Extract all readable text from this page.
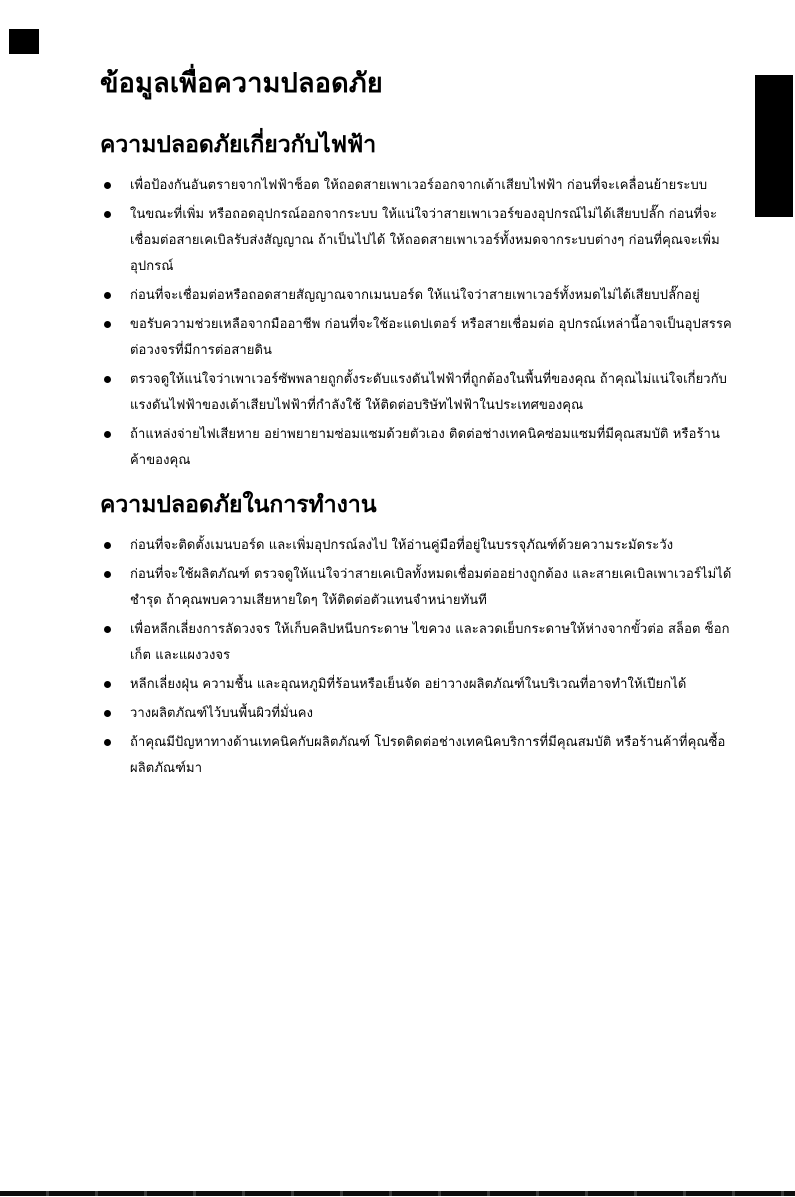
ข้อมูลเพื่อความปลอดภัย
ความปลอดภัยเกี่ยวกับไฟฟ้า
เพื่อป้องกันอันตรายจากไฟฟ้าช็อต ให้ถอดสายเพาเวอร์ออกจากเต้าเสียบไฟฟ้า ก่อนที่จะเคลื่อนย้ายระบบ
ในขณะที่เพิ่ม หรือถอดอุปกรณ์ออกจากระบบ ให้แน่ใจว่าสายเพาเวอร์ของอุปกรณ์ไม่ได้เสียบปลั๊ก ก่อนที่จะเชื่อมต่อสายเคเบิลรับส่งสัญญาณ ถ้าเป็นไปได้ ให้ถอดสายเพาเวอร์ทั้งหมดจากระบบต่างๆ ก่อนที่คุณจะเพิ่มอุปกรณ์
ก่อนที่จะเชื่อมต่อหรือถอดสายสัญญาณจากเมนบอร์ด ให้แน่ใจว่าสายเพาเวอร์ทั้งหมดไม่ได้เสียบปลั๊กอยู่
ขอรับความช่วยเหลือจากมืออาชีพ ก่อนที่จะใช้อะแดปเตอร์ หรือสายเชื่อมต่อ อุปกรณ์เหล่านี้อาจเป็นอุปสรรคต่อวงจรที่มีการต่อสายดิน
ตรวจดูให้แน่ใจว่าเพาเวอร์ซัพพลายถูกตั้งระดับแรงดันไฟฟ้าที่ถูกต้องในพื้นที่ของคุณ ถ้าคุณไม่แน่ใจเกี่ยวกับแรงดันไฟฟ้าของเต้าเสียบไฟฟ้าที่กำลังใช้ ให้ติดต่อบริษัทไฟฟ้าในประเทศของคุณ
ถ้าแหล่งจ่ายไฟเสียหาย อย่าพยายามซ่อมแซมด้วยตัวเอง ติดต่อช่างเทคนิคซ่อมแซมที่มีคุณสมบัติ หรือร้านค้าของคุณ
ความปลอดภัยในการทำงาน
ก่อนที่จะติดตั้งเมนบอร์ด และเพิ่มอุปกรณ์ลงไป ให้อ่านคู่มือที่อยู่ในบรรจุภัณฑ์ด้วยความระมัดระวัง
ก่อนที่จะใช้ผลิตภัณฑ์ ตรวจดูให้แน่ใจว่าสายเคเบิลทั้งหมดเชื่อมต่ออย่างถูกต้อง และสายเคเบิลเพาเวอร์ไม่ได้ชำรุด ถ้าคุณพบความเสียหายใดๆ ให้ติดต่อตัวแทนจำหน่ายทันที
เพื่อหลีกเลี่ยงการลัดวงจร ให้เก็บคลิปหนีบกระดาษ ไขควง และลวดเย็บกระดาษให้ห่างจากขั้วต่อ สล็อต ซ็อกเก็ต และแผงวงจร
หลีกเลี่ยงฝุ่น ความชื้น และอุณหภูมิที่ร้อนหรือเย็นจัด อย่าวางผลิตภัณฑ์ในบริเวณที่อาจทำให้เปียกได้
วางผลิตภัณฑ์ไว้บนพื้นผิวที่มั่นคง
ถ้าคุณมีปัญหาทางด้านเทคนิคกับผลิตภัณฑ์ โปรดติดต่อช่างเทคนิคบริการที่มีคุณสมบัติ หรือร้านค้าที่คุณซื้อผลิตภัณฑ์มา
